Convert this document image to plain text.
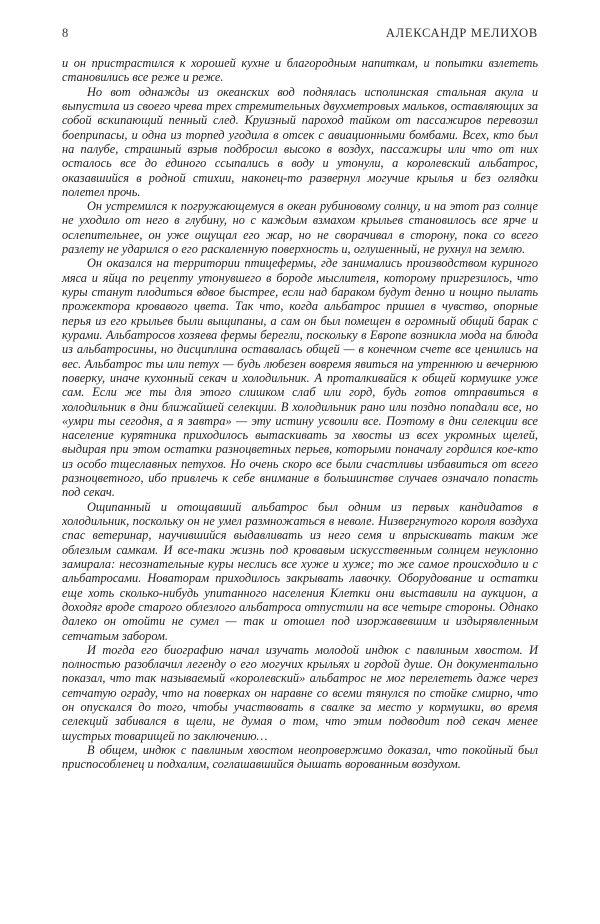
8	АЛЕКСАНДР МЕЛИХОВ

и он пристрастился к хорошей кухне и благородным напиткам, и попытки взлететь становились все реже и реже.

Но вот однажды из океанских вод поднялась исполинская стальная акула и выпустила из своего чрева трех стремительных двухметровых мальков, оставляющих за собой вскипающий пенный след. Круизный пароход тайком от пассажиров перевозил боеприпасы, и одна из торпед угодила в отсек с авиационными бомбами. Всех, кто был на палубе, страшный взрыв подбросил высоко в воздух, пассажиры или что от них осталось все до единого ссыпались в воду и утонули, а королевский альбатрос, оказавшийся в родной стихии, наконец-то развернул могучие крылья и без оглядки полетел прочь.

Он устремился к погружающемуся в океан рубиновому солнцу, и на этот раз солнце не уходило от него в глубину, но с каждым взмахом крыльев становилось все ярче и ослепительнее, он уже ощущал его жар, но не сворачивал в сторону, пока со всего разлету не ударился о его раскаленную поверхность и, оглушенный, не рухнул на землю.

Он оказался на территории птицефермы, где занимались производством куриного мяса и яйца по рецепту утонувшего в бороде мыслителя, которому пригрезилось, что куры станут плодиться вдвое быстрее, если над бараком будут денно и нощно пылать прожектора кровавого цвета. Так что, когда альбатрос пришел в чувство, опорные перья из его крыльев были выщипаны, а сам он был помещен в огромный общий барак с курами. Альбатросов хозяева фермы берегли, поскольку в Европе возникла мода на блюда из альбатросины, но дисциплина оставалась общей — в конечном счете все ценились на вес. Альбатрос ты или петух — будь любезен вовремя явиться на утреннюю и вечернюю поверку, иначе кухонный секач и холодильник. А проталкивайся к общей кормушке уже сам. Если же ты для этого слишком слаб или горд, будь готов отправиться в холодильник в дни ближайшей селекции. В холодильник рано или поздно попадали все, но «умри ты сегодня, а я завтра» — эту истину усвоили все. Поэтому в дни селекции все население курятника приходилось вытаскивать за хвосты из всех укромных щелей, выдирая при этом остатки разноцветных перьев, которыми поначалу гордился кое-кто из особо тщеславных петухов. Но очень скоро все были счастливы избавиться от всего разноцветного, ибо привлечь к себе внимание в большинстве случаев означало попасть под секач.

Ощипанный и отощавший альбатрос был одним из первых кандидатов в холодильник, поскольку он не умел размножаться в неволе. Низвергнутого короля воздуха спас ветеринар, научившийся выдавливать из него семя и впрыскивать таким же облезлым самкам. И все-таки жизнь под кровавым искусственным солнцем неуклонно замирала: несознательные куры неслись все хуже и хуже; то же самое происходило и с альбатросами. Новаторам приходилось закрывать лавочку. Оборудование и остатки еще хоть сколько-нибудь упитанного населения Клетки они выставили на аукцион, а доходяг вроде старого облезлого альбатроса отпустили на все четыре стороны. Однако далеко он отойти не сумел — так и отошел под изоржавевшим и издырявленным сетчатым забором.

И тогда его биографию начал изучать молодой индюк с павлиным хвостом. И полностью разоблачил легенду о его могучих крыльях и гордой душе. Он документально показал, что так называемый «королевский» альбатрос не мог перелететь даже через сетчатую ограду, что на поверках он наравне со всеми тянулся по стойке смирно, что он опускался до того, чтобы участвовать в свалке за место у кормушки, во время селекций забивался в щели, не думая о том, что этим подводит под секач менее шустрых товарищей по заключению…

В общем, индюк с павлиным хвостом неопровержимо доказал, что покойный был приспособленец и подхалим, соглашавшийся дышать ворованным воздухом.
